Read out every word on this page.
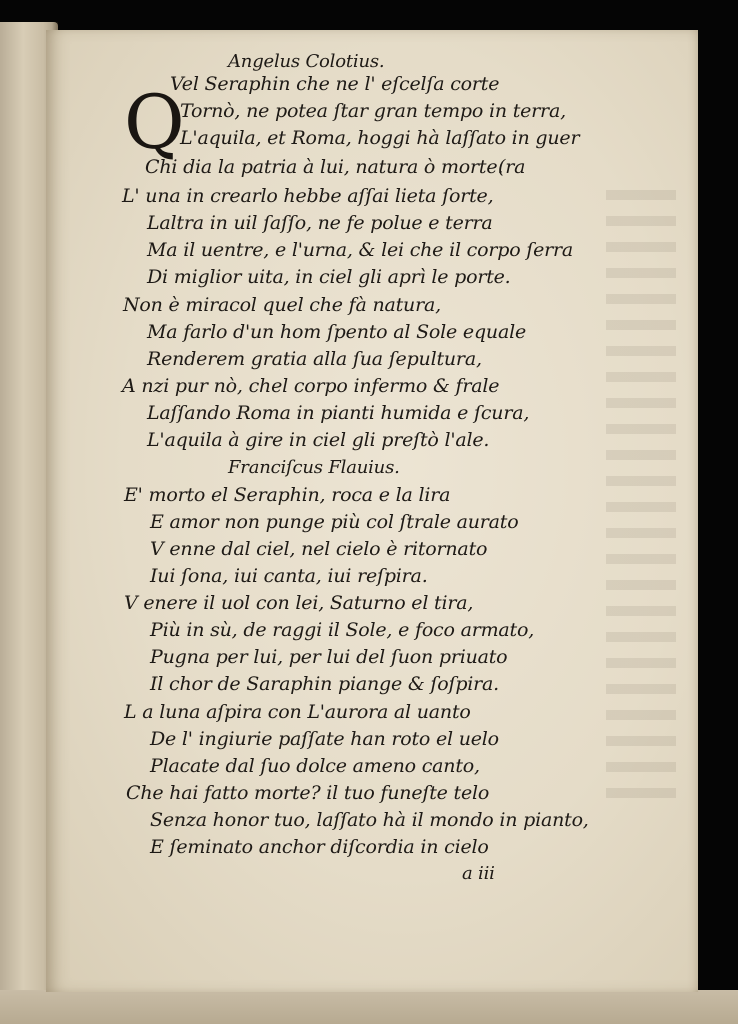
Angelus Colotius.
Q
Vel Seraphin che ne l' eſcelſa corte
Tornò, ne potea ſtar gran tempo in terra,
L'aquila, et Roma, hoggi hà laſſato in guer
Chi dia la patria à lui, natura ò morte.
(ra
L' una in crearlo hebbe aſſai lieta ſorte,
Laltra in uil ſaſſo, ne fe polue e terra
Ma il uentre, e l'urna, & lei che il corpo ſerra
Di miglior uita, in ciel gli aprì le porte.
Non è miracol quel che fà natura,
Ma farlo d'un hom ſpento al Sole equale
Renderem gratia alla ſua ſepultura,
A nzi pur nò, chel corpo infermo & frale
Laſſando Roma in pianti humida e ſcura,
L'aquila à gire in ciel gli preſtò l'ale.
Franciſcus Flauius.
E' morto el Seraphin, roca e la lira
E amor non punge più col ſtrale aurato
V enne dal ciel, nel cielo è ritornato
Iui ſona, iui canta, iui reſpira.
V enere il uol con lei, Saturno el tira,
Più in sù, de raggi il Sole, e foco armato,
Pugna per lui, per lui del ſuon priuato
Il chor de Saraphin piange & ſoſpira.
L a luna aſpira con L'aurora al uanto
De l' ingiurie paſſate han roto el uelo
Placate dal ſuo dolce ameno canto,
Che hai fatto morte? il tuo funeſte telo
Senza honor tuo, laſſato hà il mondo in pianto,
E ſeminato anchor diſcordia in cielo
a iii
